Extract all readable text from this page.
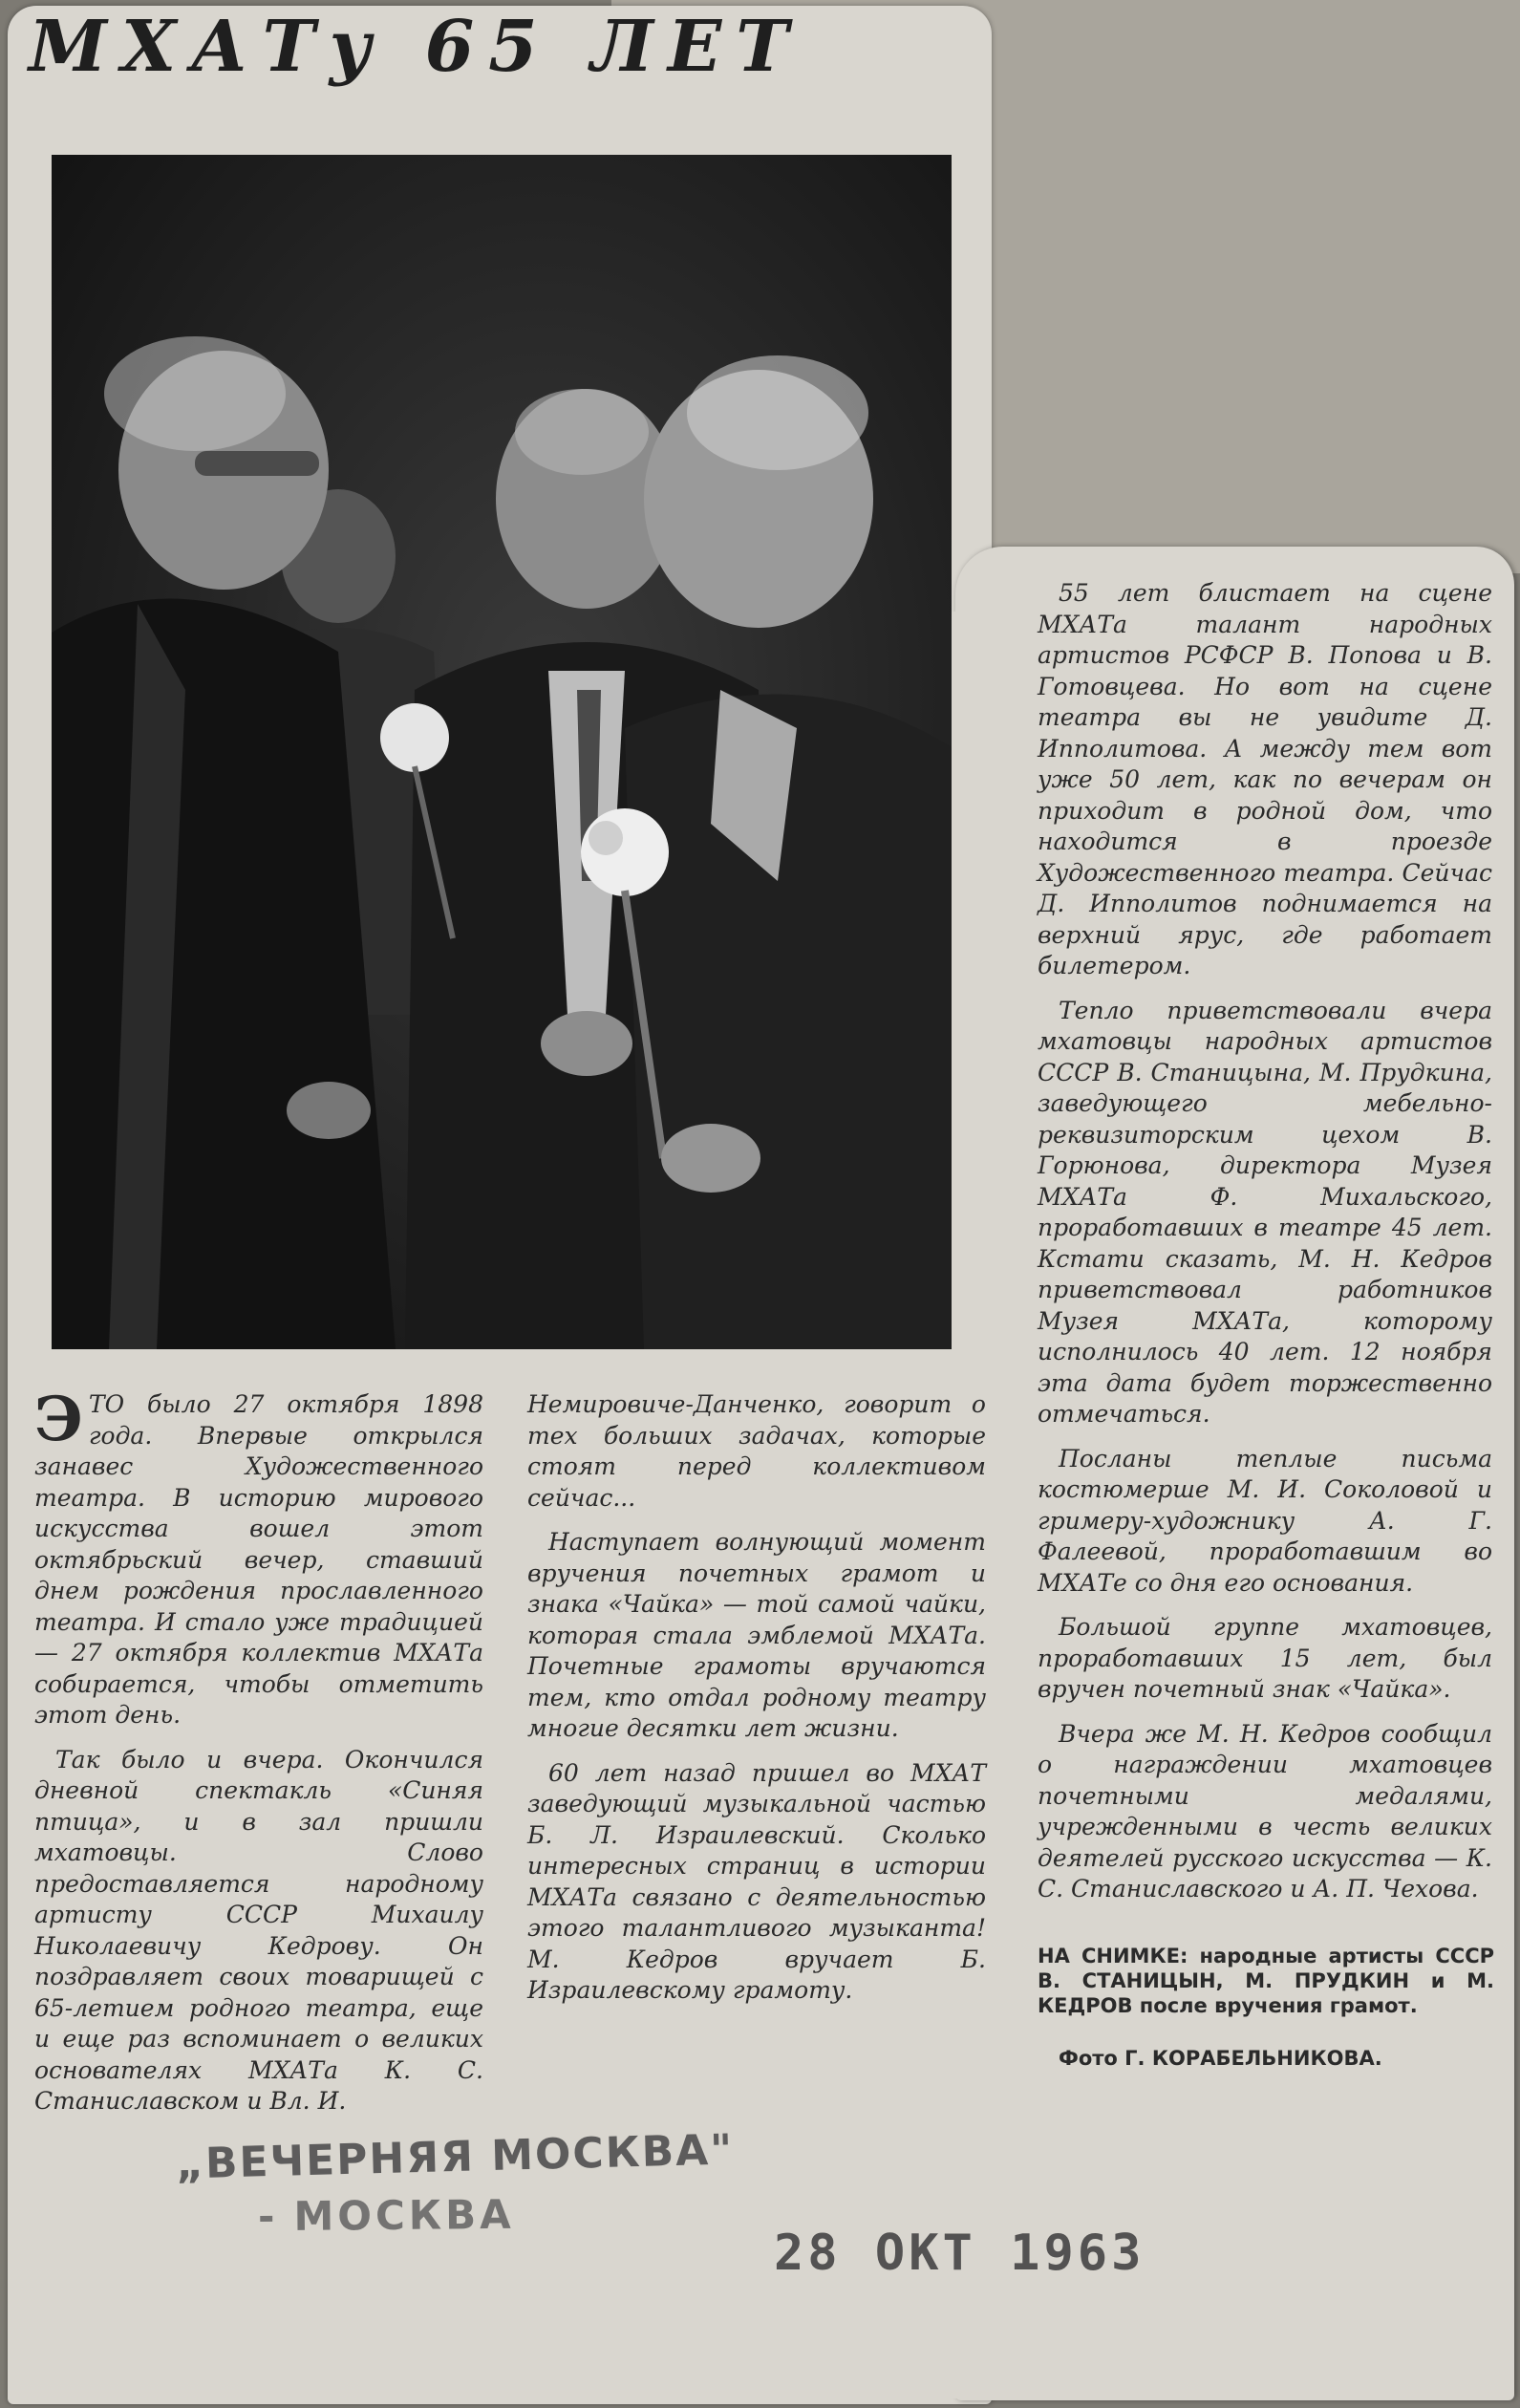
МХАТу 65 ЛЕТ

ЭТО было 27 октября 1898 года. Впервые открылся занавес Художественного театра. В историю мирового искусства вошел этот октябрьский вечер, ставший днем рождения прославленного театра. И стало уже традицией — 27 октября коллектив МХАТа собирается, чтобы отметить этот день.

Так было и вчера. Окончился дневной спектакль «Синяя птица», и в зал пришли мхатовцы. Слово предоставляется народному артисту СССР Михаилу Николаевичу Кедрову. Он поздравляет своих товарищей с 65-летием родного театра, еще и еще раз вспоминает о великих основателях МХАТа К. С. Станиславском и Вл. И.

Немировиче-Данченко, говорит о тех больших задачах, которые стоят перед коллективом сейчас...

Наступает волнующий момент вручения почетных грамот и знака «Чайка» — той самой чайки, которая стала эмблемой МХАТа. Почетные грамоты вручаются тем, кто отдал родному театру многие десятки лет жизни.

60 лет назад пришел во МХАТ заведующий музыкальной частью Б. Л. Израилевский. Сколько интересных страниц в истории МХАТа связано с деятельностью этого талантливого музыканта! М. Кедров вручает Б. Израилевскому грамоту.

55 лет блистает на сцене МХАТа талант народных артистов РСФСР В. Попова и В. Готовцева. Но вот на сцене театра вы не увидите Д. Ипполитова. А между тем вот уже 50 лет, как по вечерам он приходит в родной дом, что находится в проезде Художественного театра. Сейчас Д. Ипполитов поднимается на верхний ярус, где работает билетером.

Тепло приветствовали вчера мхатовцы народных артистов СССР В. Станицына, М. Прудкина, заведующего мебельно-реквизиторским цехом В. Горюнова, директора Музея МХАТа Ф. Михальского, проработавших в театре 45 лет. Кстати сказать, М. Н. Кедров приветствовал работников Музея МХАТа, которому исполнилось 40 лет. 12 ноября эта дата будет торжественно отмечаться.

Посланы теплые письма костюмерше М. И. Соколовой и гримеру-художнику А. Г. Фалеевой, проработавшим во МХАТе со дня его основания.

Большой группе мхатовцев, проработавших 15 лет, был вручен почетный знак «Чайка».

Вчера же М. Н. Кедров сообщил о награждении мхатовцев почетными медалями, учрежденными в честь великих деятелей русского искусства — К. С. Станиславского и А. П. Чехова.

НА СНИМКЕ: народные артисты СССР В. СТАНИЦЫН, М. ПРУДКИН и М. КЕДРОВ после вручения грамот.
Фото Г. КОРАБЕЛЬНИКОВА.
„ВЕЧЕРНЯЯ МОСКВА"
- МОСКВА
28 ОКТ 1963
